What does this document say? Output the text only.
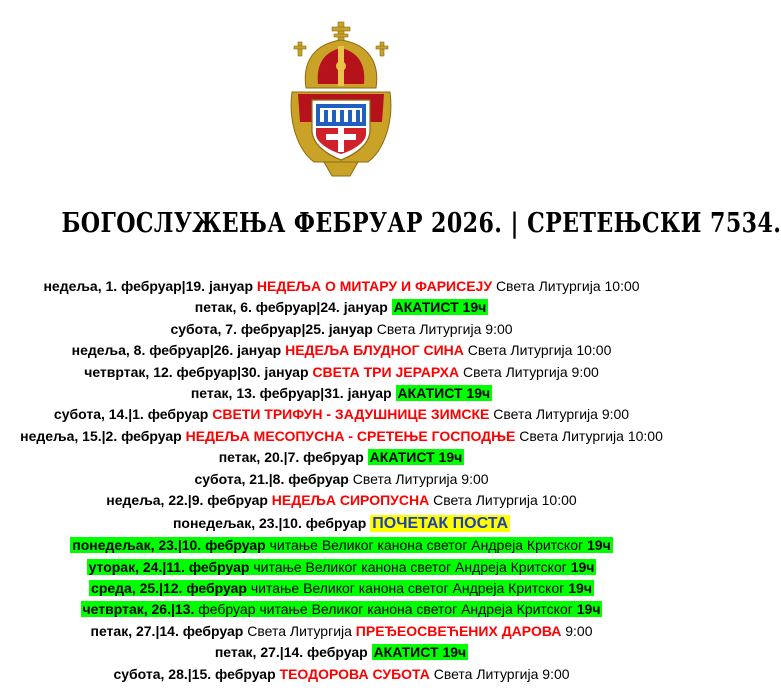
БОГОСЛУЖЕЊА ФЕБРУАР 2026. | СРЕТЕЊСКИ 7534.
недеља, 1. фебруар|19. јануар НЕДЕЉА О МИТАРУ И ФАРИСЕЈУ Света Литургија 10:00
петак, 6. фебруар|24. јануар АКАТИСТ 19ч
субота, 7. фебруар|25. јануар Света Литургија 9:00
недеља, 8. фебруар|26. јануар НЕДЕЉА БЛУДНОГ СИНА Света Литургија 10:00
четвртак, 12. фебруар|30. јануар СВЕТА ТРИ ЈЕРАРХА Света Литургија 9:00
петак, 13. фебруар|31. јануар АКАТИСТ 19ч
субота, 14.|1. фебруар СВЕТИ ТРИФУН - ЗАДУШНИЦЕ ЗИМСКЕ Света Литургија 9:00
недеља, 15.|2. фебруар НЕДЕЉА МЕСОПУСНА - СРЕТЕЊЕ ГОСПОДЊЕ Света Литургија 10:00
петак, 20.|7. фебруар АКАТИСТ 19ч
субота, 21.|8. фебруар Света Литургија 9:00
недеља, 22.|9. фебруар НЕДЕЉА СИРОПУСНА Света Литургија 10:00
понедељак, 23.|10. фебруар ПОЧЕТАК ПОСТА
понедељак, 23.|10. фебруар читање Великог канона светог Андреја Критског 19ч
уторак, 24.|11. фебруар читање Великог канона светог Андреја Критског 19ч
среда, 25.|12. фебруар читање Великог канона светог Андреја Критског 19ч
четвртак, 26.|13. фебруар читање Великог канона светог Андреја Критског 19ч
петак, 27.|14. фебруар Света Литургија ПРЕЂЕОСВЕЋЕНИХ ДАРОВА 9:00
петак, 27.|14. фебруар АКАТИСТ 19ч
субота, 28.|15. фебруар ТЕОДОРОВА СУБОТА Света Литургија 9:00
